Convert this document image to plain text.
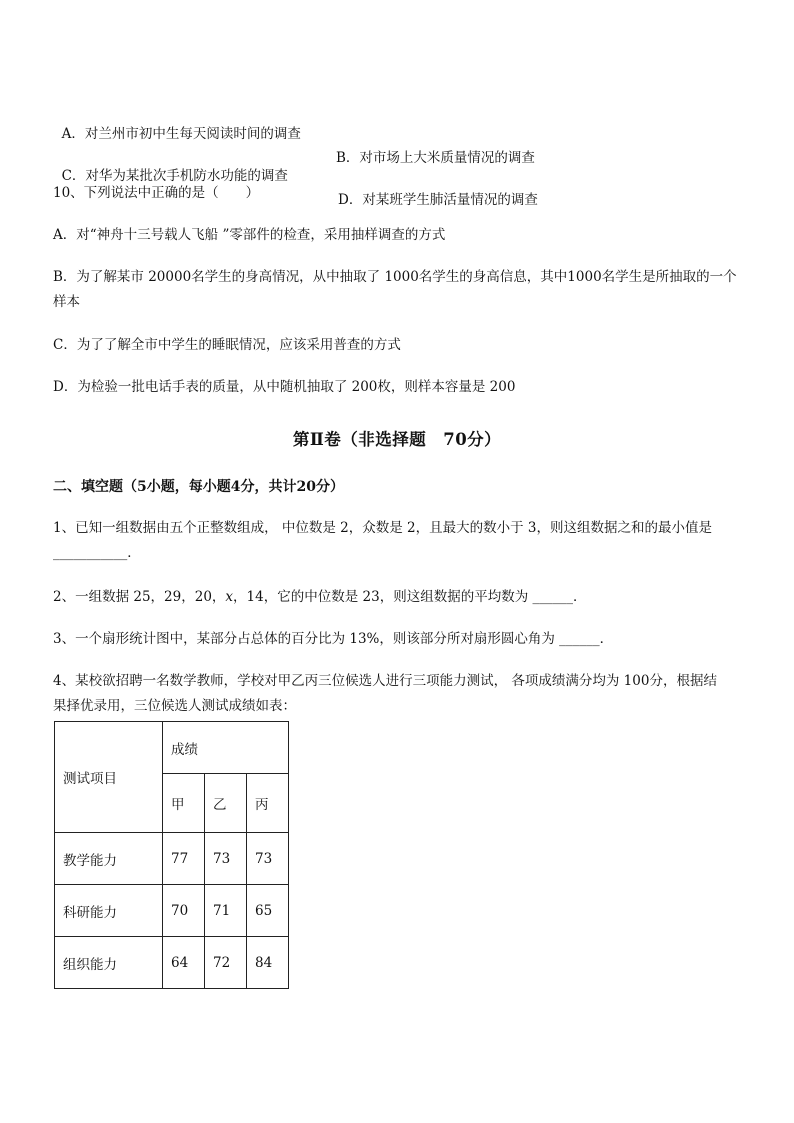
A．对兰州市初中生每天阅读时间的调查

B．对市场上大米质量情况的调查

C．对华为某批次手机防水功能的调查

D．对某班学生肺活量情况的调查

10、下列说法中正确的是（　　）
A．对“神舟十三号载人飞船 ”零部件的检查，采用抽样调查的方式
B．为了解某市 20000名学生的身高情况，从中抽取了 1000名学生的身高信息，其中1000名学生是所抽取的一个样本
C．为了了解全市中学生的睡眠情况，应该采用普查的方式
D．为检验一批电话手表的质量，从中随机抽取了 200枚，则样本容量是 200
第Ⅱ卷（非选择题　70分）
二、填空题（5小题，每小题4分，共计20分）
1、已知一组数据由五个正整数组成， 中位数是 2，众数是 2，且最大的数小于 3，则这组数据之和的最小值是___________．
2、一组数据 25，29，20，x，14，它的中位数是 23，则这组数据的平均数为 ______．
3、一个扇形统计图中，某部分占总体的百分比为 13%，则该部分所对扇形圆心角为 ______．
4、某校欲招聘一名数学教师，学校对甲乙丙三位候选人进行三项能力测试， 各项成绩满分均为 100分，根据结果择优录用，三位候选人测试成绩如表：
测试项目	成绩		
	甲	乙	丙
教学能力	77	73	73
科研能力	70	71	65
组织能力	64	72	84
